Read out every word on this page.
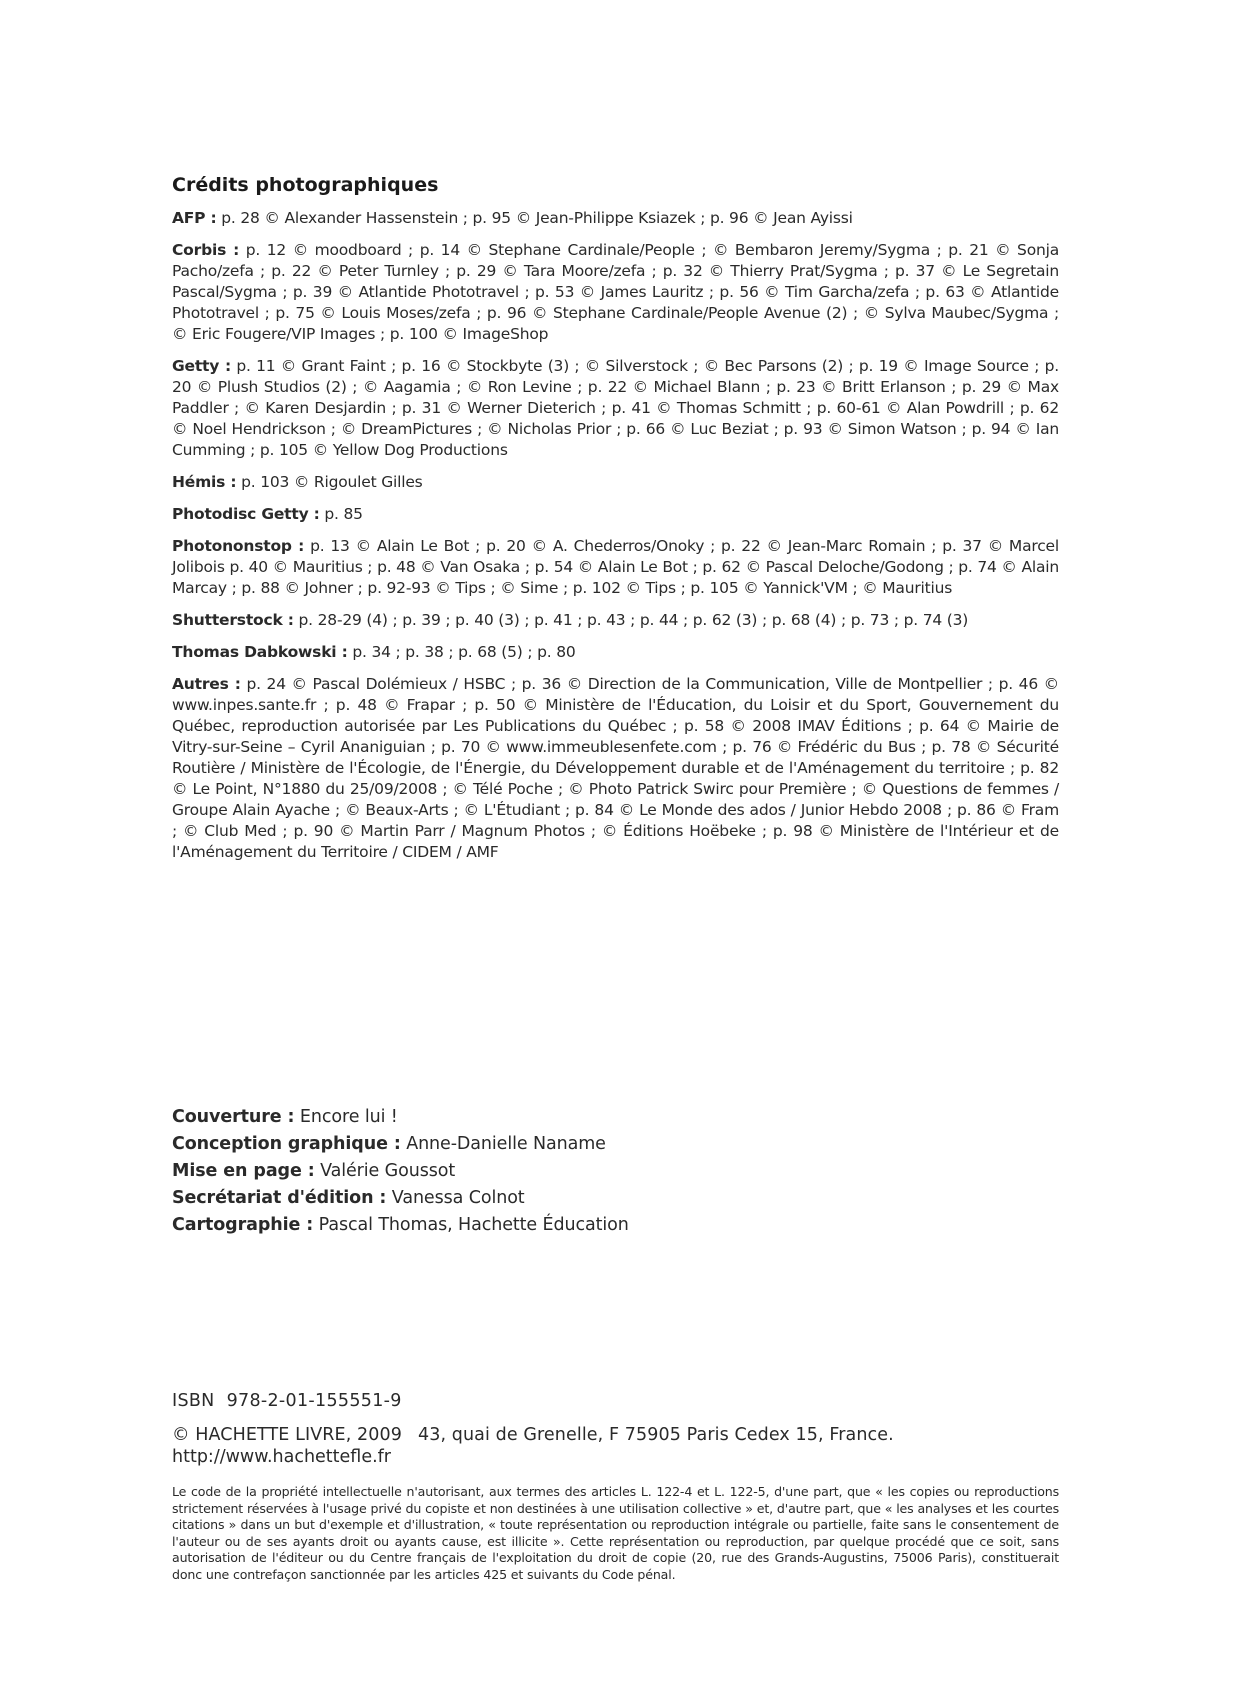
Crédits photographiques

AFP : p. 28 © Alexander Hassenstein ; p. 95 © Jean-Philippe Ksiazek ; p. 96 © Jean Ayissi

Corbis : p. 12 © moodboard ; p. 14 © Stephane Cardinale/People ; © Bembaron Jeremy/Sygma ; p. 21 © Sonja Pacho/zefa ; p. 22 © Peter Turnley ; p. 29 © Tara Moore/zefa ; p. 32 © Thierry Prat/Sygma ; p. 37 © Le Segretain Pascal/Sygma ; p. 39 © Atlantide Phototravel ; p. 53 © James Lauritz ; p. 56 © Tim Garcha/zefa ; p. 63 © Atlantide Phototravel ; p. 75 © Louis Moses/zefa ; p. 96 © Stephane Cardinale/People Avenue (2) ; © Sylva Maubec/Sygma ; © Eric Fougere/VIP Images ; p. 100 © ImageShop

Getty : p. 11 © Grant Faint ; p. 16 © Stockbyte (3) ; © Silverstock ; © Bec Parsons (2) ; p. 19 © Image Source ; p. 20 © Plush Studios (2) ; © Aagamia ; © Ron Levine ; p. 22 © Michael Blann ; p. 23 © Britt Erlanson ; p. 29 © Max Paddler ; © Karen Desjardin ; p. 31 © Werner Dieterich ; p. 41 © Thomas Schmitt ; p. 60-61 © Alan Powdrill ; p. 62 © Noel Hendrickson ; © DreamPictures ; © Nicholas Prior ; p. 66 © Luc Beziat ; p. 93 © Simon Watson ; p. 94 © Ian Cumming ; p. 105 © Yellow Dog Productions

Hémis : p. 103 © Rigoulet Gilles

Photodisc Getty : p. 85

Photononstop : p. 13 © Alain Le Bot ; p. 20 © A. Chederros/Onoky ; p. 22 © Jean-Marc Romain ; p. 37 © Marcel Jolibois p. 40 © Mauritius ; p. 48 © Van Osaka ; p. 54 © Alain Le Bot ; p. 62 © Pascal Deloche/Godong ; p. 74 © Alain Marcay ; p. 88 © Johner ; p. 92-93 © Tips ; © Sime ; p. 102 © Tips ; p. 105 © Yannick'VM ; © Mauritius

Shutterstock : p. 28-29 (4) ; p. 39 ; p. 40 (3) ; p. 41 ; p. 43 ; p. 44 ; p. 62 (3) ; p. 68 (4) ; p. 73 ; p. 74 (3)

Thomas Dabkowski : p. 34 ; p. 38 ; p. 68 (5) ; p. 80

Autres : p. 24 © Pascal Dolémieux / HSBC ; p. 36 © Direction de la Communication, Ville de Montpellier ; p. 46 © www.inpes.sante.fr ; p. 48 © Frapar ; p. 50 © Ministère de l'Éducation, du Loisir et du Sport, Gouvernement du Québec, reproduction autorisée par Les Publications du Québec ; p. 58 © 2008 IMAV Éditions ; p. 64 © Mairie de Vitry-sur-Seine – Cyril Ananiguian ; p. 70 © www.immeublesenfete.com ; p. 76 © Frédéric du Bus ; p. 78 © Sécurité Routière / Ministère de l'Écologie, de l'Énergie, du Développement durable et de l'Aménagement du territoire ; p. 82 © Le Point, N°1880 du 25/09/2008 ; © Télé Poche ; © Photo Patrick Swirc pour Première ; © Questions de femmes / Groupe Alain Ayache ; © Beaux-Arts ; © L'Étudiant ; p. 84 © Le Monde des ados / Junior Hebdo 2008 ; p. 86 © Fram ; © Club Med ; p. 90 © Martin Parr / Magnum Photos ; © Éditions Hoëbeke ; p. 98 © Ministère de l'Intérieur et de l'Aménagement du Territoire / CIDEM / AMF

Couverture : Encore lui !
Conception graphique : Anne-Danielle Naname
Mise en page : Valérie Goussot
Secrétariat d'édition : Vanessa Colnot
Cartographie : Pascal Thomas, Hachette Éducation
ISBN 978-2-01-155551-9
© HACHETTE LIVRE, 2009 43, quai de Grenelle, F 75905 Paris Cedex 15, France.
http://www.hachettefle.fr

Le code de la propriété intellectuelle n'autorisant, aux termes des articles L. 122-4 et L. 122-5, d'une part, que « les copies ou reproductions strictement réservées à l'usage privé du copiste et non destinées à une utilisation collective » et, d'autre part, que « les analyses et les courtes citations » dans un but d'exemple et d'illustration, « toute représentation ou reproduction intégrale ou partielle, faite sans le consentement de l'auteur ou de ses ayants droit ou ayants cause, est illicite ». Cette représentation ou reproduction, par quelque procédé que ce soit, sans autorisation de l'éditeur ou du Centre français de l'exploitation du droit de copie (20, rue des Grands-Augustins, 75006 Paris), constituerait donc une contrefaçon sanctionnée par les articles 425 et suivants du Code pénal.
